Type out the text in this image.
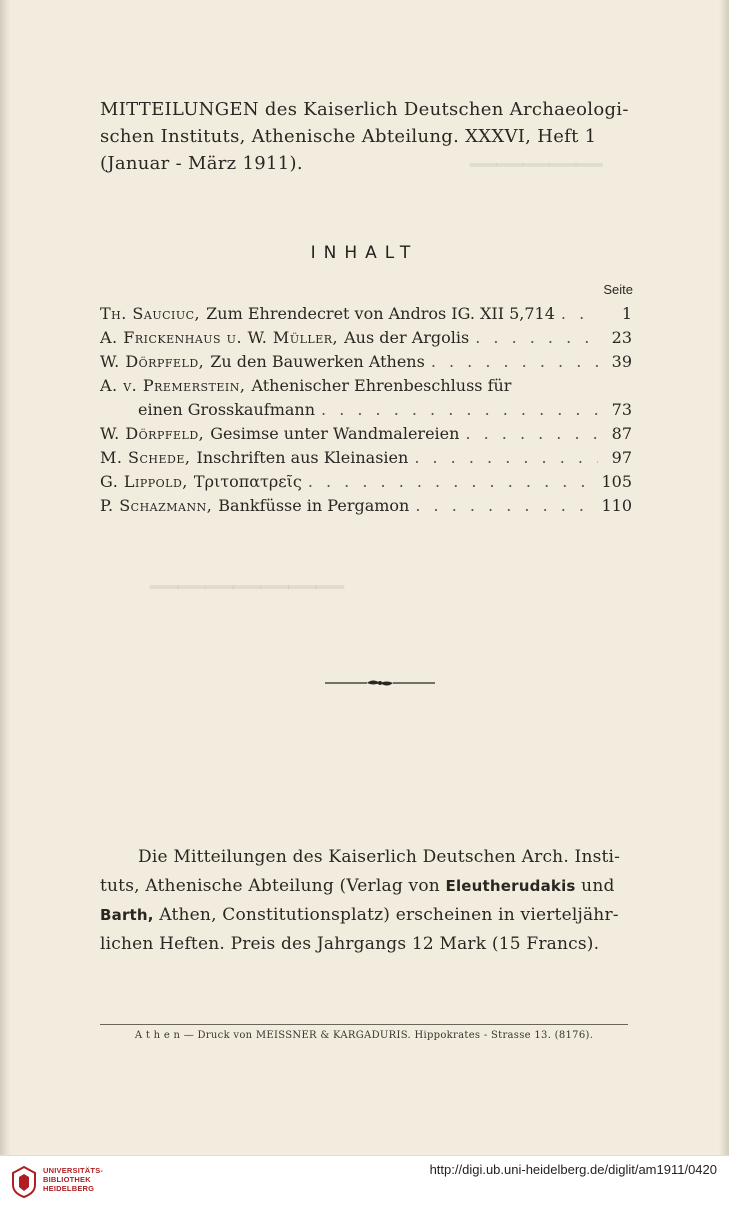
─────
───────
MITTEILUNGEN des Kaiserlich Deutschen Archaeologi-
schen Instituts, Athenische Abteilung. XXXVI, Heft 1
(Januar - März 1911).
INHALT
Seite
Th. Sauciuc, Zum Ehrendecret von Andros IG. XII 5,714 . . .	1
A. Frickenhaus u. W. Müller, Aus der Argolis . . .	23
W. Dörpfeld, Zu den Bauwerken Athens . . .	39
A. v. Premerstein, Athenischer Ehrenbeschluss für
einen Grosskaufmann . . .	73
W. Dörpfeld, Gesimse unter Wandmalereien . . .	87
M. Schede, Inschriften aus Kleinasien . . .	97
G. Lippold, Τριτοπατρεῖς . . .	105
P. Schazmann, Bankfüsse in Pergamon . . .	110
Die Mitteilungen des Kaiserlich Deutschen Arch. Insti-
tuts, Athenische Abteilung (Verlag von Eleutherudakis und
Barth, Athen, Constitutionsplatz) erscheinen in vierteljähr-
lichen Heften. Preis des Jahrgangs 12 Mark (15 Francs).
A t h e n — Druck von MEISSNER & KARGADURIS. Hippokrates - Strasse 13. (8176).
UNIVERSITÄTS-
BIBLIOTHEK
HEIDELBERG
http://digi.ub.uni-heidelberg.de/diglit/am1911/0420
